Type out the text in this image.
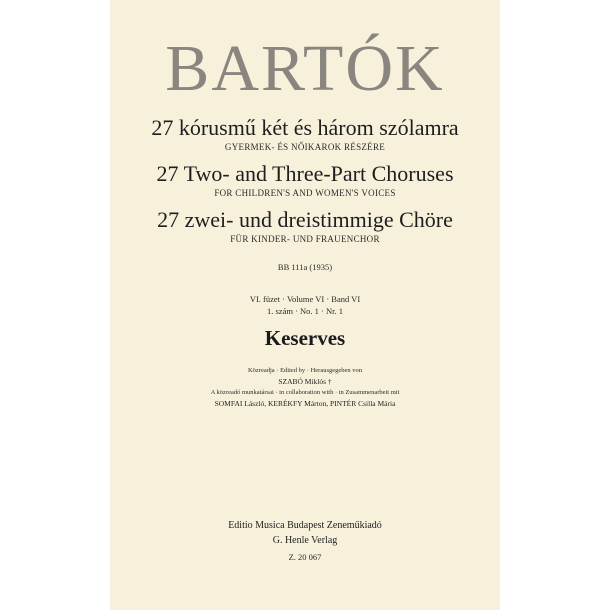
BARTÓK
27 kórusmű két és három szólamra
GYERMEK- ÉS NŐIKAROK RÉSZÉRE
27 Two- and Three-Part Choruses
FOR CHILDREN'S AND WOMEN'S VOICES
27 zwei- und dreistimmige Chöre
FÜR KINDER- UND FRAUENCHOR
BB 111a (1935)
VI. füzet · Volume VI · Band VI
1. szám · No. 1 · Nr. 1
Keserves
Közreadja · Edited by · Herausgegeben von
SZABÓ Miklós †
A közreadó munkatársai · in collaboration with · in Zusammenarbeit mit
SOMFAI László, KERÉKFY Márton, PINTÉR Csilla Mária
Editio Musica Budapest Zeneműkiadó
G. Henle Verlag
Z. 20 067
